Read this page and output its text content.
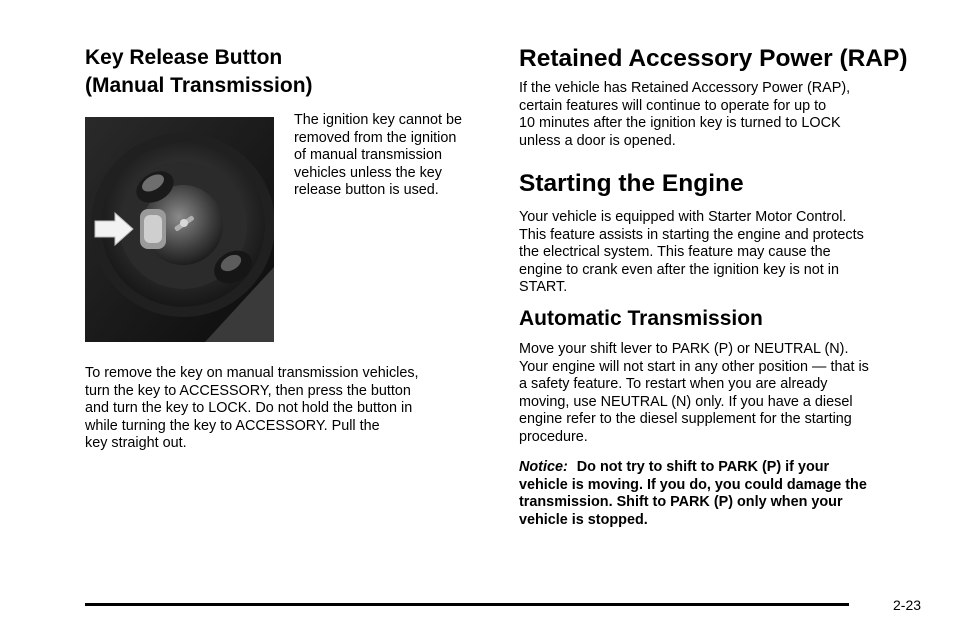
Key Release Button
(Manual Transmission)

The ignition key cannot be
removed from the ignition
of manual transmission
vehicles unless the key
release button is used.

To remove the key on manual transmission vehicles,
turn the key to ACCESSORY, then press the button
and turn the key to LOCK. Do not hold the button in
while turning the key to ACCESSORY. Pull the
key straight out.

Retained Accessory Power (RAP)

If the vehicle has Retained Accessory Power (RAP),
certain features will continue to operate for up to
10 minutes after the ignition key is turned to LOCK
unless a door is opened.

Starting the Engine

Your vehicle is equipped with Starter Motor Control.
This feature assists in starting the engine and protects
the electrical system. This feature may cause the
engine to crank even after the ignition key is not in
START.

Automatic Transmission

Move your shift lever to PARK (P) or NEUTRAL (N).
Your engine will not start in any other position — that is
a safety feature. To restart when you are already
moving, use NEUTRAL (N) only. If you have a diesel
engine refer to the diesel supplement for the starting
procedure.

Notice: Do not try to shift to PARK (P) if your
vehicle is moving. If you do, you could damage the
transmission. Shift to PARK (P) only when your
vehicle is stopped.

2-23
